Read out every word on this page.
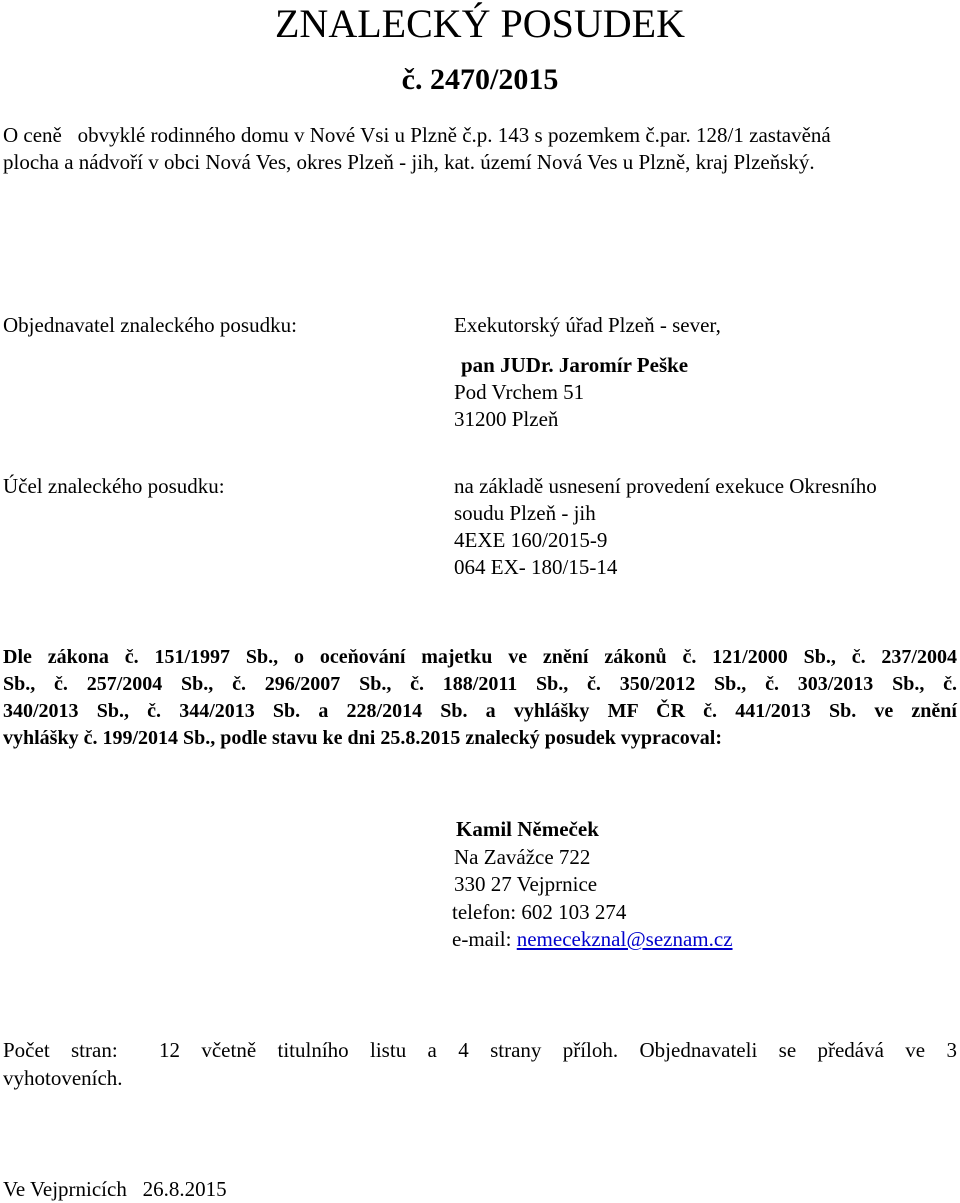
ZNALECKÝ POSUDEK
č. 2470/2015
O ceně   obvyklé rodinného domu v Nové Vsi u Plzně č.p. 143 s pozemkem č.par. 128/1 zastavěná
plocha a nádvoří v obci Nová Ves, okres Plzeň - jih, kat. území Nová Ves u Plzně, kraj Plzeňský.
Objednavatel znaleckého posudku:	Exekutorský úřad Plzeň - sever,
pan JUDr. Jaromír Peške
Pod Vrchem 51
31200 Plzeň
Účel znaleckého posudku:	na základě usnesení provedení exekuce Okresního
soudu Plzeň - jih
4EXE 160/2015-9
064 EX- 180/15-14
Dle zákona č. 151/1997 Sb., o oceňování majetku ve znění zákonů č. 121/2000 Sb., č. 237/2004
Sb., č. 257/2004 Sb., č. 296/2007 Sb., č. 188/2011 Sb., č. 350/2012 Sb., č. 303/2013 Sb., č.
340/2013 Sb., č. 344/2013 Sb. a 228/2014 Sb. a vyhlášky MF ČR č. 441/2013 Sb. ve znění
vyhlášky č. 199/2014 Sb., podle stavu ke dni 25.8.2015 znalecký posudek vypracoval:
Kamil Němeček
Na Zavážce 722
330 27 Vejprnice
telefon: 602 103 274
e-mail: nemecekznal@seznam.cz
Počet stran: 12 včetně titulního listu a 4 strany příloh. Objednavateli se předává ve 3
vyhotoveních.
Ve Vejprnicích   26.8.2015
